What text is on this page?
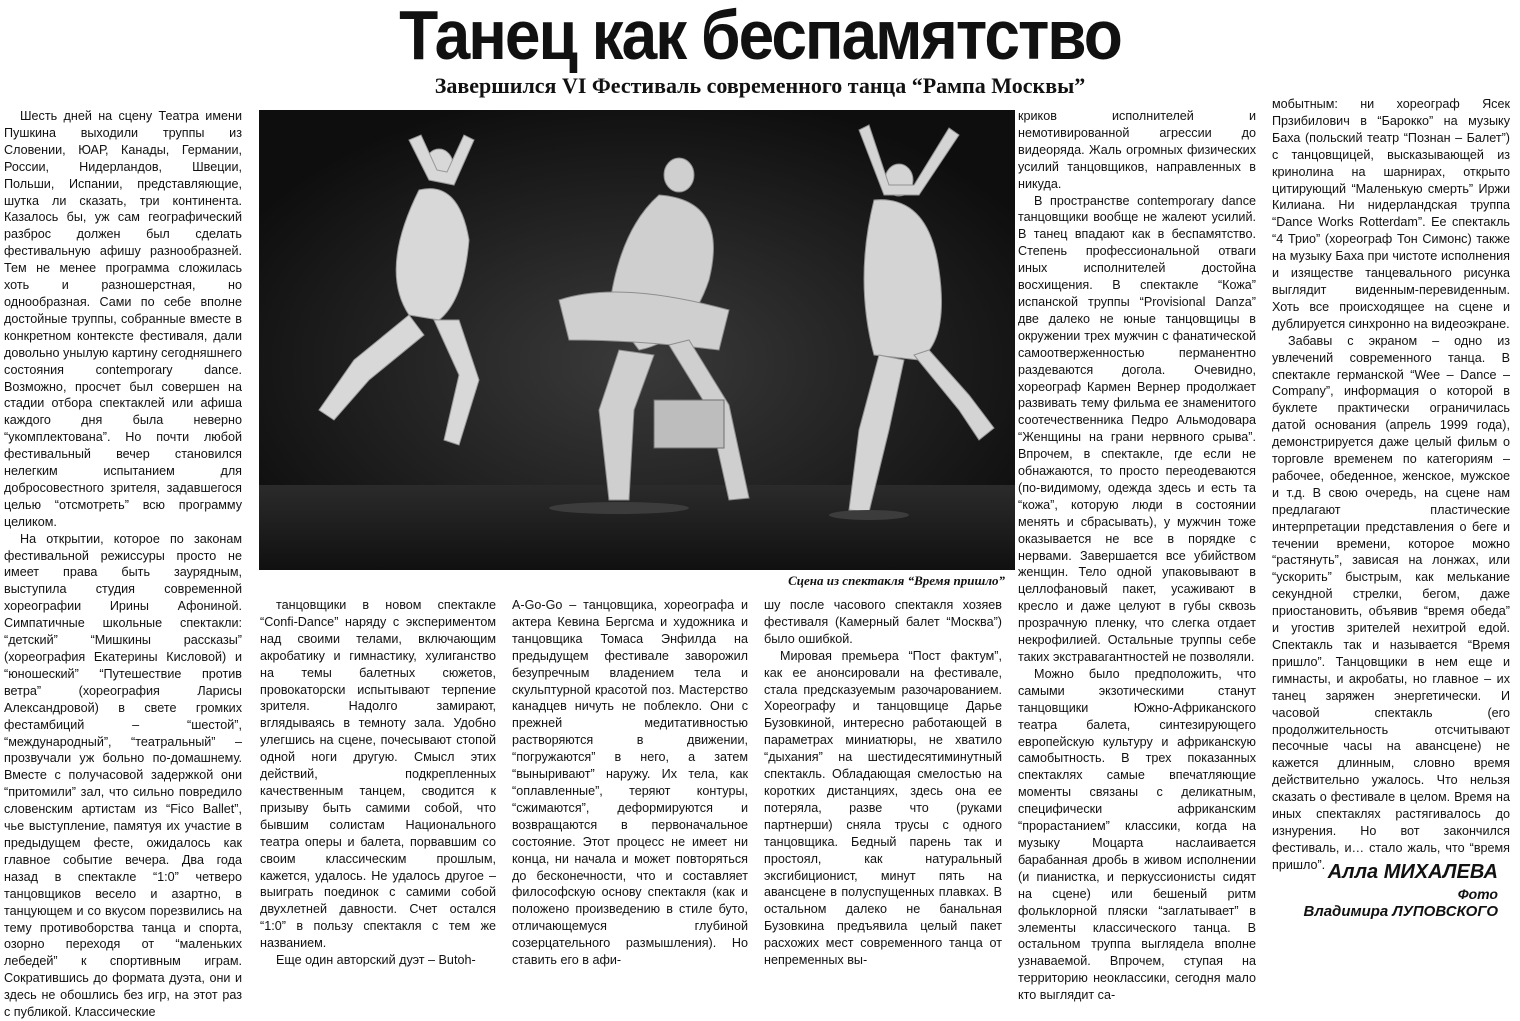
Танец как беспамятство
Завершился VI Фестиваль современного танца “Рампа Москвы”

Шесть дней на сцену Театра имени Пушкина выходили труппы из Словении, ЮАР, Канады, Германии, России, Нидерландов, Швеции, Польши, Испании, представляющие, шутка ли сказать, три континента. Казалось бы, уж сам географический разброс должен был сделать фестивальную афишу разнообразней. Тем не менее программа сложилась хоть и разношерстная, но однообразная. Сами по себе вполне достойные труппы, собранные вместе в конкретном контексте фестиваля, дали довольно унылую картину сегодняшнего состояния contemporary dance. Возможно, просчет был совершен на стадии отбора спектаклей или афиша каждого дня была неверно “укомплектована”. Но почти любой фестивальный вечер становился нелегким испытанием для добросовестного зрителя, задавшегося целью “отсмотреть” всю программу целиком.

На открытии, которое по законам фестивальной режиссуры просто не имеет права быть заурядным, выступила студия современной хореографии Ирины Афониной. Симпатичные школьные спектакли: “детский” “Мишкины рассказы” (хореография Екатерины Кисловой) и “юношеский” “Путешествие против ветра” (хореография Ларисы Александровой) в свете громких фестамбиций – “шестой”, “международный”, “театральный” – прозвучали уж больно по-домашнему. Вместе с получасовой задержкой они “притомили” зал, что сильно повредило словенским артистам из “Fico Ballet”, чье выступление, памятуя их участие в предыдущем фесте, ожидалось как главное событие вечера. Два года назад в спектакле “1:0” четверо танцовщиков весело и азартно, в танцующем и со вкусом порезвились на тему противоборства танца и спорта, озорно переходя от “маленьких лебедей” к спортивным играм. Сократившись до формата дуэта, они и здесь не обошлись без игр, на этот раз с публикой. Классические

Сцена из спектакля “Время пришло”

танцовщики в новом спектакле “Confi-Dance” наряду с экспериментом над своими телами, включающим акробатику и гимнастику, хулиганство на темы балетных сюжетов, провокаторски испытывают терпение зрителя. Надолго замирают, вглядываясь в темноту зала. Удобно улегшись на сцене, почесывают стопой одной ноги другую. Смысл этих действий, подкрепленных качественным танцем, сводится к призыву быть самими собой, что бывшим солистам Национального театра оперы и балета, порвавшим со своим классическим прошлым, кажется, удалось. Не удалось другое – выиграть поединок с самими собой двухлетней давности. Счет остался “1:0” в пользу спектакля с тем же названием.

Еще один авторский дуэт – Butoh-

A-Go-Go – танцовщика, хореографа и актера Кевина Бергсма и художника и танцовщика Томаса Энфилда на предыдущем фестивале заворожил безупречным владением тела и скульптурной красотой поз. Мастерство канадцев ничуть не поблекло. Они с прежней медитативностью растворяются в движении, “погружаются” в него, а затем “выныривают” наружу. Их тела, как “оплавленные”, теряют контуры, “сжимаются”, деформируются и возвращаются в первоначальное состояние. Этот процесс не имеет ни конца, ни начала и может повторяться до бесконечности, что и составляет философскую основу спектакля (как и положено произведению в стиле буто, отличающемуся глубиной созерцательного размышления). Но ставить его в афи-

шу после часового спектакля хозяев фестиваля (Камерный балет “Москва”) было ошибкой.

Мировая премьера “Пост фактум”, как ее анонсировали на фестивале, стала предсказуемым разочарованием. Хореографу и танцовщице Дарье Бузовкиной, интересно работающей в параметрах миниатюры, не хватило “дыхания” на шестидесятиминутный спектакль. Обладающая смелостью на коротких дистанциях, здесь она ее потеряла, разве что (руками партнерши) сняла трусы с одного танцовщика. Бедный парень так и простоял, как натуральный эксгибиционист, минут пять на авансцене в полуспущенных плавках. В остальном далеко не банальная Бузовкина предъявила целый пакет расхожих мест современного танца от непременных вы-

криков исполнителей и немотивированной агрессии до видеоряда. Жаль огромных физических усилий танцовщиков, направленных в никуда.

В пространстве contemporary dance танцовщики вообще не жалеют усилий. В танец впадают как в беспамятство. Степень профессиональной отваги иных исполнителей достойна восхищения. В спектакле “Кожа” испанской труппы “Provisional Danza” две далеко не юные танцовщицы в окружении трех мужчин с фанатической самоотверженностью перманентно раздеваются догола. Очевидно, хореограф Кармен Вернер продолжает развивать тему фильма ее знаменитого соотечественника Педро Альмодовара “Женщины на грани нервного срыва”. Впрочем, в спектакле, где если не обнажаются, то просто переодеваются (по-видимому, одежда здесь и есть та “кожа”, которую люди в состоянии менять и сбрасывать), у мужчин тоже оказывается не все в порядке с нервами. Завершается все убийством женщин. Тело одной упаковывают в целлофановый пакет, усаживают в кресло и даже целуют в губы сквозь прозрачную пленку, что слегка отдает некрофилией. Остальные труппы себе таких экстравагантностей не позволяли.

Можно было предположить, что самыми экзотическими станут танцовщики Южно-Африканского театра балета, синтезирующего европейскую культуру и африканскую самобытность. В трех показанных спектаклях самые впечатляющие моменты связаны с деликатным, специфически африканским “прорастанием” классики, когда на музыку Моцарта наслаивается барабанная дробь в живом исполнении (и пианистка, и перкуссионисты сидят на сцене) или бешеный ритм фольклорной пляски “заглатывает” в элементы классического танца. В остальном труппа выглядела вполне узнаваемой. Впрочем, ступая на территорию неоклассики, сегодня мало кто выглядит са-

мобытным: ни хореограф Ясек Прзибилович в “Барокко” на музыку Баха (польский театр “Познан – Балет”) с танцовщицей, высказывающей из кринолина на шарнирах, открыто цитирующий “Маленькую смерть” Иржи Килиана. Ни нидерландская труппа “Dance Works Rotterdam”. Ее спектакль “4 Трио” (хореограф Тон Симонс) также на музыку Баха при чистоте исполнения и изяществе танцевального рисунка выглядит виденным-перевиденным. Хоть все происходящее на сцене и дублируется синхронно на видеоэкране.

Забавы с экраном – одно из увлечений современного танца. В спектакле германской “Wee – Dance – Company”, информация о которой в буклете практически ограничилась датой основания (апрель 1999 года), демонстрируется даже целый фильм о торговле временем по категориям – рабочее, обеденное, женское, мужское и т.д. В свою очередь, на сцене нам предлагают пластические интерпретации представления о беге и течении времени, которое можно “растянуть”, зависая на лонжах, или “ускорить” быстрым, как мелькание секундной стрелки, бегом, даже приостановить, объявив “время обеда” и угостив зрителей нехитрой едой. Спектакль так и называется “Время пришло”. Танцовщики в нем еще и гимнасты, и акробаты, но главное – их танец заряжен энергетически. И часовой спектакль (его продолжительность отсчитывают песочные часы на авансцене) не кажется длинным, словно время действительно ужалось. Что нельзя сказать о фестивале в целом. Время на иных спектаклях растягивалось до изнурения. Но вот закончился фестиваль, и… стало жаль, что “время пришло”. Алла МИХАЛЕВА
Фото
Владимира ЛУПОВСКОГО
